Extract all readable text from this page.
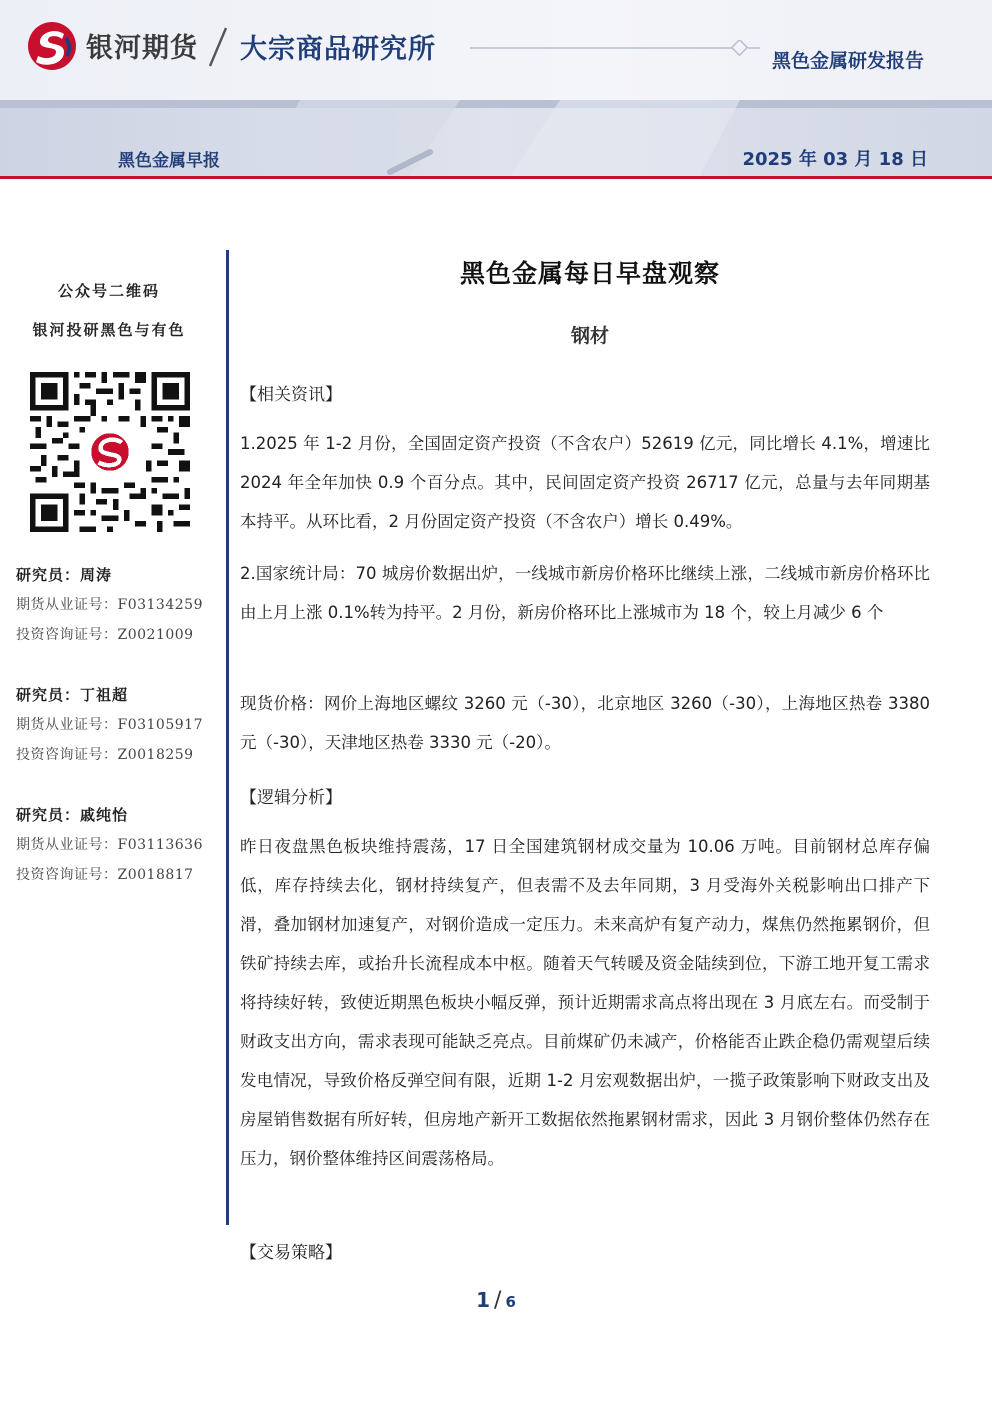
银河期货 大宗商品研究所	黑色金属研发报告
黑色金属早报	2025 年 03 月 18 日
公众号二维码
银河投研黑色与有色
研究员：周涛
期货从业证号：F03134259
投资咨询证号：Z0021009
研究员：丁祖超
期货从业证号：F03105917
投资咨询证号：Z0018259
研究员：戚纯怡
期货从业证号：F03113636
投资咨询证号：Z0018817
黑色金属每日早盘观察
钢材
【相关资讯】
1.2025 年 1-2 月份，全国固定资产投资（不含农户）52619 亿元，同比增长 4.1%，增速比 2024 年全年加快 0.9 个百分点。其中，民间固定资产投资 26717 亿元，总量与去年同期基本持平。从环比看，2 月份固定资产投资（不含农户）增长 0.49%。
2.国家统计局：70 城房价数据出炉，一线城市新房价格环比继续上涨，二线城市新房价格环比由上月上涨 0.1%转为持平。2 月份，新房价格环比上涨城市为 18 个，较上月减少 6 个
现货价格：网价上海地区螺纹 3260 元（-30），北京地区 3260（-30），上海地区热卷 3380 元（-30），天津地区热卷 3330 元（-20）。
【逻辑分析】
昨日夜盘黑色板块维持震荡，17 日全国建筑钢材成交量为 10.06 万吨。目前钢材总库存偏低，库存持续去化，钢材持续复产，但表需不及去年同期，3 月受海外关税影响出口排产下滑，叠加钢材加速复产，对钢价造成一定压力。未来高炉有复产动力，煤焦仍然拖累钢价，但铁矿持续去库，或抬升长流程成本中枢。随着天气转暖及资金陆续到位，下游工地开复工需求将持续好转，致使近期黑色板块小幅反弹，预计近期需求高点将出现在 3 月底左右。而受制于财政支出方向，需求表现可能缺乏亮点。目前煤矿仍未减产，价格能否止跌企稳仍需观望后续发电情况，导致价格反弹空间有限，近期 1-2 月宏观数据出炉，一揽子政策影响下财政支出及房屋销售数据有所好转，但房地产新开工数据依然拖累钢材需求，因此 3 月钢价整体仍然存在压力，钢价整体维持区间震荡格局。
【交易策略】
1 / 6
